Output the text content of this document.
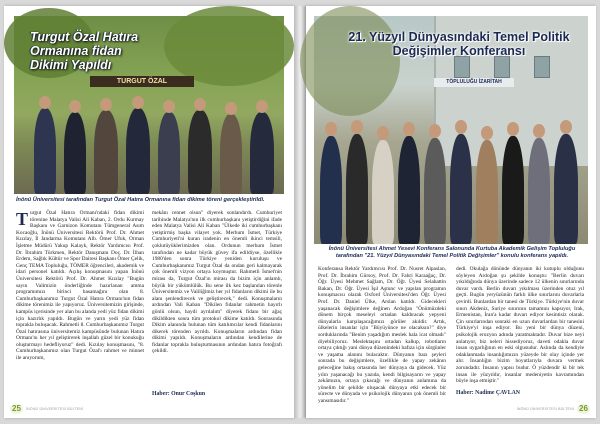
TURGUT ÖZAL
Turgut Özal Hatıra Ormanına fidan Dikimi Yapıldı
İnönü Üniversitesi tarafından Turgut Özal Hatıra Ormanına fidan dikime töreni gerçekleştirildi.
Turgut Özal Hatıra Ormanı'ndaki fidan dikimi törenine Malatya Valisi Ali Kaban, 2. Ordu Kurmay Başkanı ve Garnizon Komutanı Tümgeneral Asım Kocaoğlu, İnönü Üniversitesi Rektörü Prof. Dr. Ahmet Kızılay, İl Jandarma Komutanı Alb. Ömer Ufuk, Orman İşletme Müdürü Yakup Kalayk, Rektör Yardımcısı Prof. Dr. İbrahim Türkmen, Rektör Danışmanı Doç. Dr. İlhan Erdem, Sağlık Kültür ve Spor Dairesi Başkanı Ömer Çelik, Genç TEMA Topluluğu, TÖMER öğrencileri, akademik ve idari personel katıldı. Açılış konuşmasını yapan İnönü Üniversitesi Rektörü Prof. Dr. Ahmet Kızılay "Bugün sayın Valimizin önderliğinde hazırlanan amma programımızı birinci basamağını olan 8. Cumhurbaşkanımız Turgut Özal Hatıra Ormanı'nın fidan dikime törenimiz ile yapıyoruz. Üniversitemizin girişinde, kampüs içerisinde yer alan bu alanda yedi yüz fidan dikimi için hazırlık yapıldı. Bugün ve yarın yedi yüz fidan toprakla buluşacak. Rahmetli 8. Cumhurbaşkanımız Turgut Özal hatırasına üniversitemiz kampüsünde bulunan Hatıra Ormanı'nı her yıl geliştirerek inşallah güzel bir konukuğu oluşturmayı hedefliyoruz" dedi. Kızılay konuşmasını, "8. Cumhurbaşkanımız olan Turgut Özal'ı rahmet ve minnet ile anıyorum,
mekânı cennet olsun" diyerek sonlandırdı. Cumhuriyet tarihinde Malatya'nın ilk cumhurbaşkanı yetiştirdiğini ifade eden Malatya Valisi Ali Kaban "Ülkede iki cumhurbaşkanı yetiştirmiş başka vilayet yok. Merhum İsmet, Türkiye Cumhuriyeti'ni kuran iradenin en önemli ikinci temsili, çoklutüyüklerimizden olan. Ordunun merhum İsmet tarafından ne kadar büyük güvey ifa edildiyse, özellikle 1980'den sonra Türkiye yeniden kuruluşu ve Cumhurbaşkanımız Turgut Özal da ondan geri kalmayarak çok önemli vizyon ortaya koymuştur. Rahmetli İsmet'nin mirası da, Turgut Özal'ın mirası da bizim için anlamlı, büyük bir yükümlülük. Bu sene ilk kez başlanılan törenle Üniversitemiz ve Valiliğimiz her yıl fidanların dikimi ile bu alanı şenlendirecek ve geliştirecek," dedi. Konuşmaların ardından Vali Kaban "Dikilen fidanlar rahmetin hayırlı gönlü olsun, haydi ayrılalım" diyerek fidanı bir ağaç dikildikten sonra tüm protokol dikime katıldı. Sonrasında Dikim alanında bulunan tüm katılımcılar kendi fidanlarını dikerek törenden ayrıldı. Konuşmaların ardından fidan dikimi yapıldı. Konuşmaların ardından kendilerine de fidanlar toprakla buluşturmasının ardından hatıra fotoğrafı çekildi.
Haber: Onur Coşkun
25 İNÖNÜ ÜNİVERSİTESİ BÜLTENİ
TÖPLULUĞU İZARİTAH
21. Yüzyıl Dünyasındaki Temel Politik Değişimler Konferansı
İnönü Üniversitesi Ahmet Yesevi Konferans Salonunda Kurtuba Akademik Gelişim Topluluğu tarafından "21. Yüzyıl Dünyasındaki Temel Politik Değişimler" konulu konferans yapıldı.
Konferansa Rektör Yardımcısı Prof. Dr. Nusret Alpaslan, Prof. Dr. İbrahim Gürsoy, Prof. Dr. Fahri Karaağaç, Dr. Öğr. Üyesi Mehmet Sağlam, Dr. Öğr. Üyesi Selahattin Bakan, Dr. Öğr. Üyesi İşıl Aştunc ve yapılan programın konuşmacısı olarak Oxford Üniversitesi'den Öğr. Üyesi Prof. Dr. Daniel Ülke, Arslan katıldı. Gidecekleri yaşanacak değişimlere değinen Ardoğan "Önümüzdeki dönem birçok meseleyi ortadan kaldıracak yepyeni dünyalarla karşılaşacağımızı görüler akıldir. Artık, ülkelerin insanlar için "Büyüyünce ne olacaksın?" diye sorduklarında "Benim yaşadığım meslek hala icat olmadı" diyebiliyoruz. Meslektaşını ortadan kalkıp, robotların ortaya çıktığı yani dünya düzenindeki hafıza için sürgünler ve yaşama alanını bulacaktır. Dünyanın bazı şeyleri sonrada bu değişimlere, özellikle de yapay zekânın geleceğine bakış ortasında her dünyaya da gidecek. Yüz yılın yaşanacağı bu yazıda, kendi bilgisayarın ve yapay zekâmızın, ortaya çıkacağı ve dünyanın anlamına da yönelim bir şekilde oluşacak dünyaya etki edecek bir sürecte ve dünyada ve psikolojik dünyanın çok önemli bir yansımasıdır."
dedi. Okulağa dönünde dünyanın iki kutuplu olduğunu söyleyen Ardoğan şu şekilde konuştu: "Berlin duvarı yıkıldığında dünya üzerinde sadece 12 ülkenin sınırlarında duvar vardı. Berlin duvarı yıkılması üzerinden otuz yıl geçti. Bugün yeryüzünün farklı ülke sınırlarını duvarlarla çevirdi. Bunlardan bir tanesi de Türkiye. Türkiye'nin duvar sınırı Akdeniz, Suriye sınırının tamamını kapsıyor, Irak, Ermenistan, İran'a kadar duvarı ediyor kesintisiz olarak. Çin sınırlarından sonraki en uzun duvarlardan bir tanesini Türkiye'yi inşa ediyor. Bu yeni bir dünya düzeni, psikolojik erozyon adında yaratmaktadır. Duvar bize neyi anlatıyor, biz neleri hissediyoruz, daveti odakla duvar insan uygarlığının en eski olgusudur. Aslında da kendiyle odaklanmada insanlığımızın yüzeyde bir olay içinde yer alır. İnsanlığın bizim boyutlarıyla duvara vermek zorundadır. İnsanın yapısı budur. Ö yüzdendir ki bir tek insan ile yüzyıldır, insanlar medeniyetin kavramından böyle inşa etmiştir."
Haber: Nadime ÇAVLAN
İNÖNÜ ÜNİVERSİTESİ BÜLTENİ 26
